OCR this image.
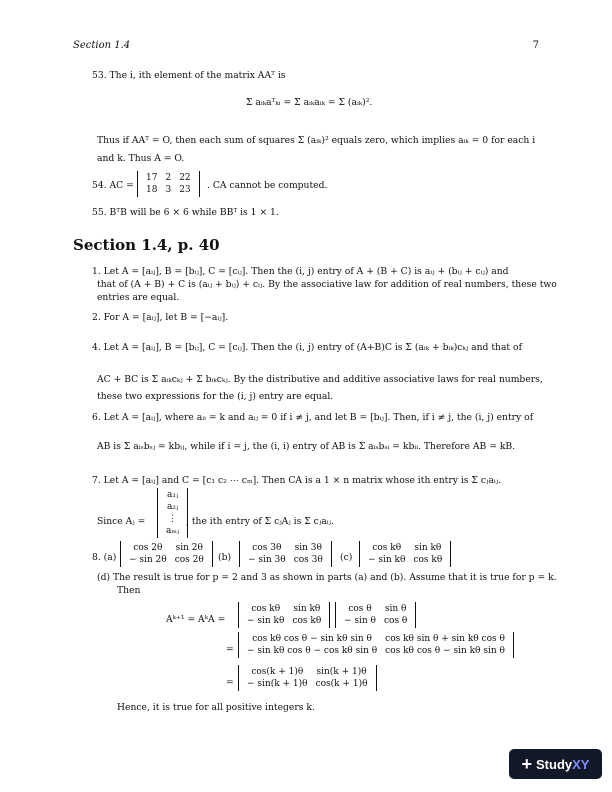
Section 1.4	7
53. The i, ith element of the matrix AAᵀ is
Σ aᵢₖaᵀₖᵢ = Σ aᵢₖaᵢₖ = Σ (aᵢₖ)².
Thus if AAᵀ = O, then each sum of squares Σ (aᵢₖ)² equals zero, which implies aᵢₖ = 0 for each i
and k. Thus A = O.
54. AC =
17	2	22
18	3	23 . CA cannot be computed.
55. BᵀB will be 6 × 6 while BBᵀ is 1 × 1.
Section 1.4, p. 40
1. Let A = [aᵢⱼ], B = [bᵢⱼ], C = [cᵢⱼ]. Then the (i, j) entry of A + (B + C) is aᵢⱼ + (bᵢⱼ + cᵢⱼ) and
that of (A + B) + C is (aᵢⱼ + bᵢⱼ) + cᵢⱼ. By the associative law for addition of real numbers, these two
entries are equal.
2. For A = [aᵢⱼ], let B = [−aᵢⱼ].
4. Let A = [aᵢⱼ], B = [bᵢⱼ], C = [cᵢⱼ]. Then the (i, j) entry of (A+B)C is Σ (aᵢₖ + bᵢₖ)cₖⱼ and that of
AC + BC is Σ aᵢₖcₖⱼ + Σ bᵢₖcₖⱼ. By the distributive and additive associative laws for real numbers,
these two expressions for the (i, j) entry are equal.
6. Let A = [aᵢⱼ], where aᵢᵢ = k and aᵢⱼ = 0 if i ≠ j, and let B = [bᵢⱼ]. Then, if i ≠ j, the (i, j) entry of
AB is Σ aᵢₛbₛⱼ = kbᵢⱼ, while if i = j, the (i, i) entry of AB is Σ aᵢₛbₛᵢ = kbᵢᵢ. Therefore AB = kB.
7. Let A = [aᵢⱼ] and C = [c₁ c₂ ⋯ cₘ]. Then CA is a 1 × n matrix whose ith entry is Σ cⱼaᵢⱼ.
Since Aⱼ =
a₁ⱼ
a₂ⱼ
⋮
aₘⱼ
, the ith entry of Σ cⱼAⱼ is Σ cⱼaᵢⱼ.
8. (a)
cos 2θ	sin 2θ
− sin 2θ	cos 2θ (b)
cos 3θ	sin 3θ
− sin 3θ	cos 3θ (c)
cos kθ	sin kθ
− sin kθ	cos kθ
(d) The result is true for p = 2 and 3 as shown in parts (a) and (b). Assume that it is true for p = k.
Then
Aᵏ⁺¹ = AᵏA =
cos kθ	sin kθ
− sin kθ	cos kθ
cos θ	sin θ
− sin θ	cos θ
=
cos kθ cos θ − sin kθ sin θ	cos kθ sin θ + sin kθ cos θ
− sin kθ cos θ − cos kθ sin θ	cos kθ cos θ − sin kθ sin θ
=
cos(k + 1)θ	sin(k + 1)θ
− sin(k + 1)θ	cos(k + 1)θ
Hence, it is true for all positive integers k.
+ StudyXY
